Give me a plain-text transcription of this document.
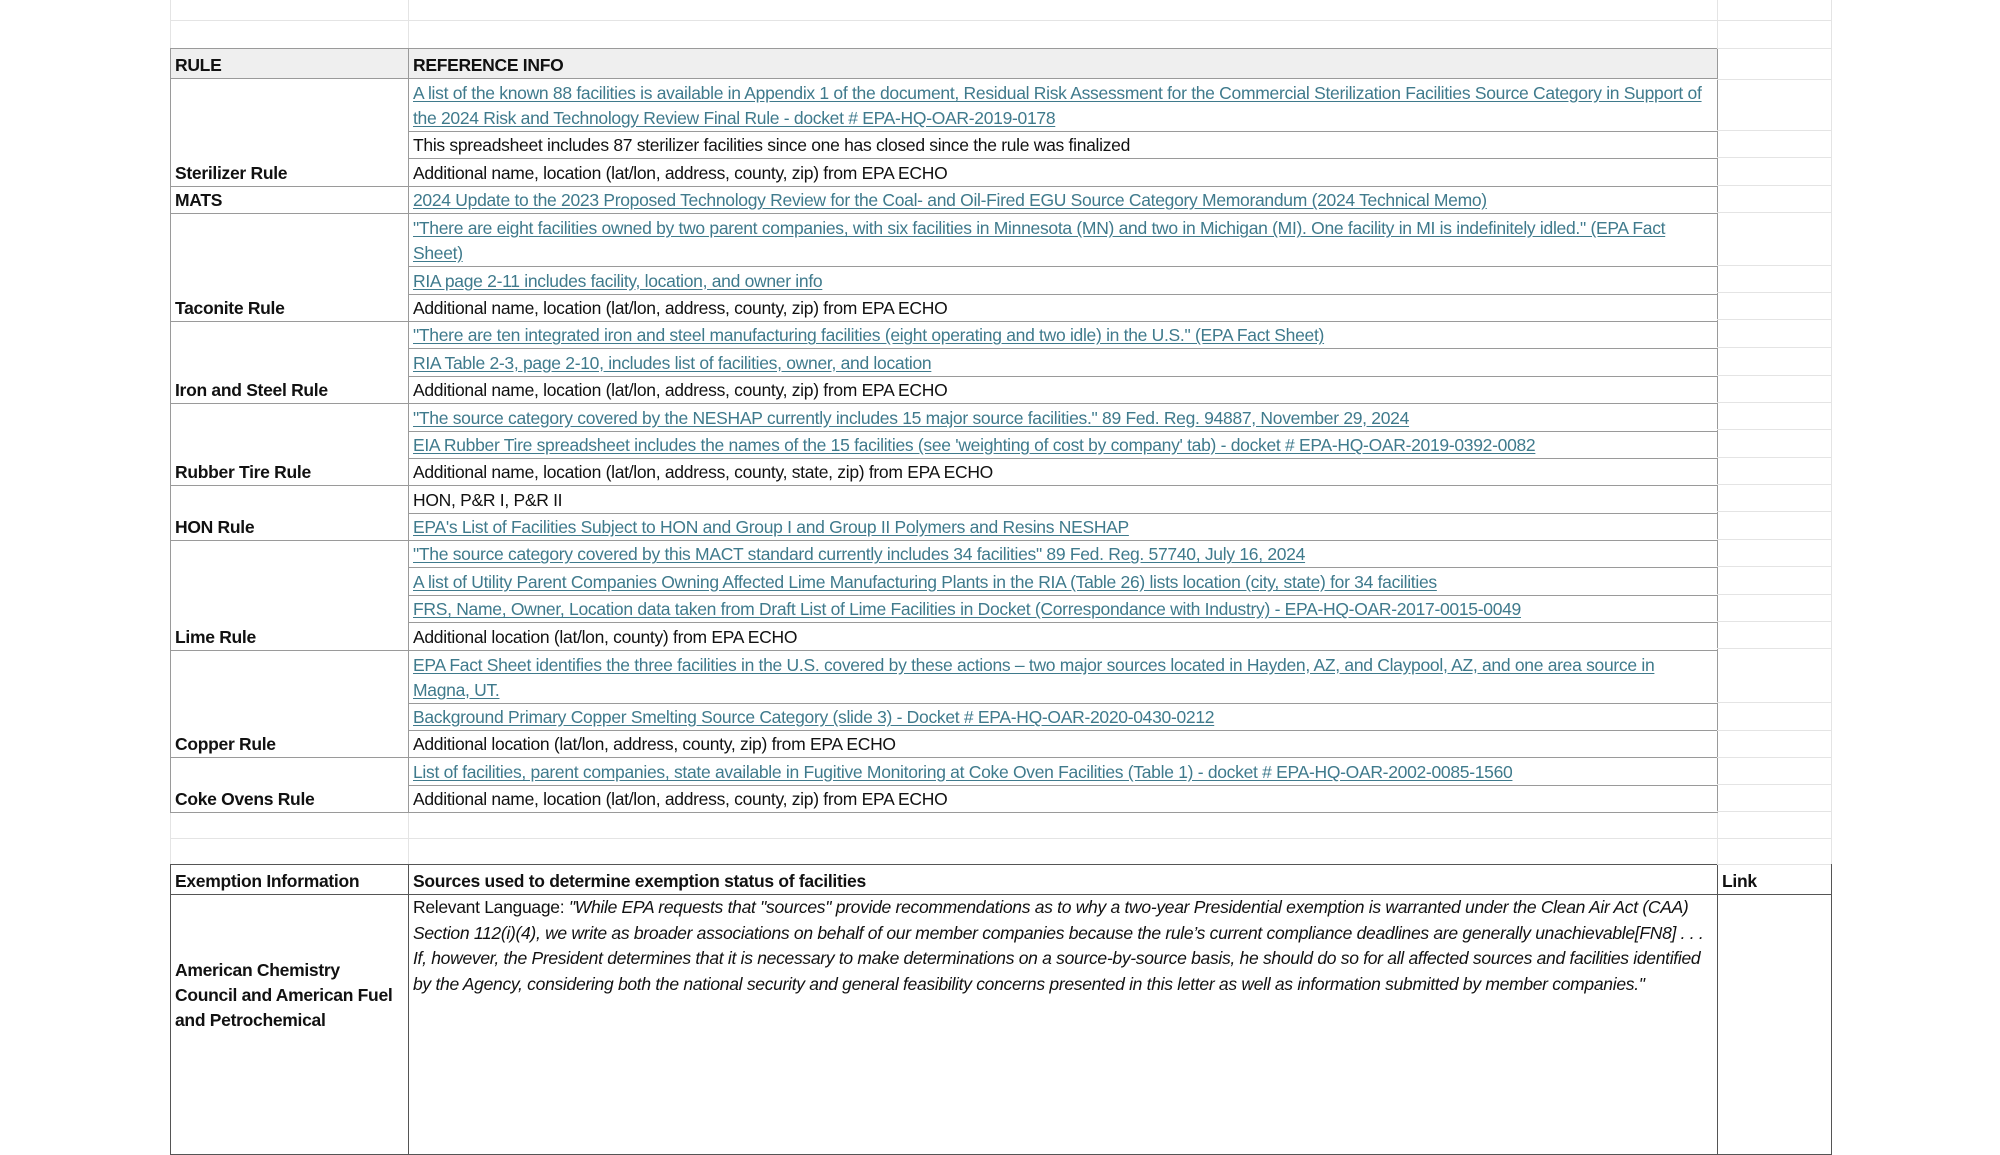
RULE	REFERENCE INFO
Sterilizer Rule	A list of the known 88 facilities is available in Appendix 1 of the document, Residual Risk Assessment for the Commercial Sterilization Facilities Source Category in Support of the 2024 Risk and Technology Review Final Rule - docket # EPA-HQ-OAR-2019-0178
	This spreadsheet includes 87 sterilizer facilities since one has closed since the rule was finalized
	Additional name, location (lat/lon, address, county, zip) from EPA ECHO
MATS	2024 Update to the 2023 Proposed Technology Review for the Coal- and Oil-Fired EGU Source Category Memorandum (2024 Technical Memo)
Taconite Rule	"There are eight facilities owned by two parent companies, with six facilities in Minnesota (MN) and two in Michigan (MI). One facility in MI is indefinitely idled." (EPA Fact Sheet)
	RIA page 2-11 includes facility, location, and owner info
	Additional name, location (lat/lon, address, county, zip) from EPA ECHO
Iron and Steel Rule	"There are ten integrated iron and steel manufacturing facilities (eight operating and two idle) in the U.S." (EPA Fact Sheet)
	RIA Table 2-3, page 2-10, includes list of facilities, owner, and location
	Additional name, location (lat/lon, address, county, zip) from EPA ECHO
Rubber Tire Rule	"The source category covered by the NESHAP currently includes 15 major source facilities." 89 Fed. Reg. 94887, November 29, 2024
	EIA Rubber Tire spreadsheet includes the names of the 15 facilities (see 'weighting of cost by company' tab) - docket # EPA-HQ-OAR-2019-0392-0082
	Additional name, location (lat/lon, address, county, state, zip) from EPA ECHO
HON Rule	HON, P&R I, P&R II
	EPA's List of Facilities Subject to HON and Group I and Group II Polymers and Resins NESHAP
Lime Rule	"The source category covered by this MACT standard currently includes 34 facilities" 89 Fed. Reg. 57740, July 16, 2024
	A list of Utility Parent Companies Owning Affected Lime Manufacturing Plants in the RIA (Table 26) lists location (city, state) for 34 facilities
	FRS, Name, Owner, Location data taken from Draft List of Lime Facilities in Docket (Correspondance with Industry) - EPA-HQ-OAR-2017-0015-0049
	Additional location (lat/lon, county) from EPA ECHO
Copper Rule	EPA Fact Sheet identifies the three facilities in the U.S. covered by these actions – two major sources located in Hayden, AZ, and Claypool, AZ, and one area source in Magna, UT.
	Background Primary Copper Smelting Source Category (slide 3) - Docket # EPA-HQ-OAR-2020-0430-0212
	Additional location (lat/lon, address, county, zip) from EPA ECHO
Coke Ovens Rule	List of facilities, parent companies, state available in Fugitive Monitoring at Coke Oven Facilities (Table 1) - docket # EPA-HQ-OAR-2002-0085-1560
	Additional name, location (lat/lon, address, county, zip) from EPA ECHO
Exemption Information	Sources used to determine exemption status of facilities	Link
American Chemistry Council and American Fuel and Petrochemical	Relevant Language: "While EPA requests that "sources" provide recommendations as to why a two-year Presidential exemption is warranted under the Clean Air Act (CAA) Section 112(i)(4), we write as broader associations on behalf of our member companies because the rule’s current compliance deadlines are generally unachievable[FN8] . . . If, however, the President determines that it is necessary to make determinations on a source-by-source basis, he should do so for all affected sources and facilities identified by the Agency, considering both the national security and general feasibility concerns presented in this letter as well as information submitted by member companies."	
